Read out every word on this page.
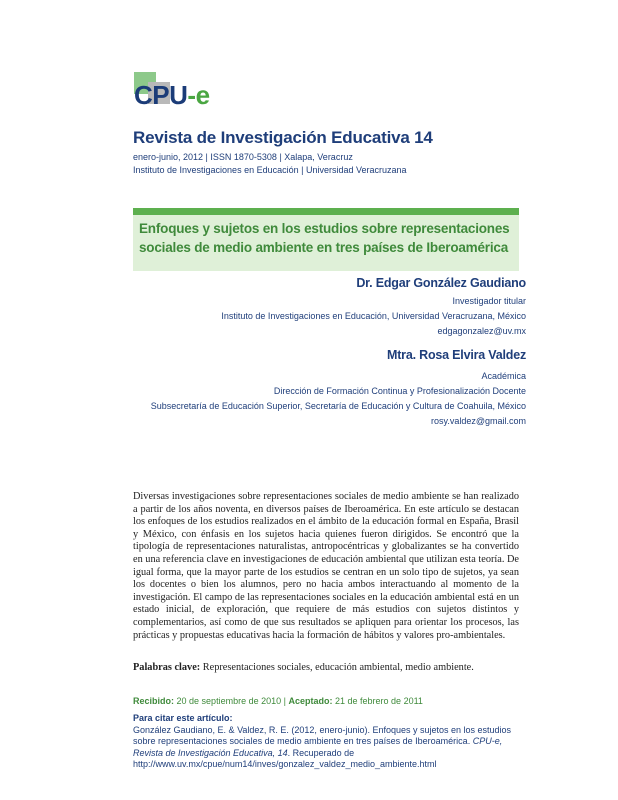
CPU-e
Revista de Investigación Educativa 14
enero-junio, 2012 | ISSN 1870-5308 | Xalapa, Veracruz
Instituto de Investigaciones en Educación | Universidad Veracruzana
Enfoques y sujetos en los estudios sobre representaciones
sociales de medio ambiente en tres países de Iberoamérica
Dr. Edgar González Gaudiano
Investigador titular
Instituto de Investigaciones en Educación, Universidad Veracruzana, México
edgagonzalez@uv.mx
Mtra. Rosa Elvira Valdez
Académica
Dirección de Formación Continua y Profesionalización Docente
Subsecretaría de Educación Superior, Secretaría de Educación y Cultura de Coahuila, México
rosy.valdez@gmail.com
Diversas investigaciones sobre representaciones sociales de medio ambiente se han realizado a partir de los años noventa, en diversos países de Iberoamérica. En este artículo se destacan los enfoques de los estudios realizados en el ámbito de la educación formal en España, Brasil y México, con énfasis en los sujetos hacia quienes fueron dirigidos. Se encontró que la tipología de representaciones naturalistas, antropocéntricas y globalizantes se ha convertido en una referencia clave en investigaciones de educación ambiental que utilizan esta teoría. De igual forma, que la mayor parte de los estudios se centran en un solo tipo de sujetos, ya sean los docentes o bien los alumnos, pero no hacia ambos interactuando al momento de la investigación. El campo de las representaciones sociales en la educación ambiental está en un estado inicial, de exploración, que requiere de más estudios con sujetos distintos y complementarios, así como de que sus resultados se apliquen para orientar los procesos, las prácticas y propuestas educativas hacia la formación de hábitos y valores pro-ambientales.
Palabras clave: Representaciones sociales, educación ambiental, medio ambiente.
Recibido: 20 de septiembre de 2010 | Aceptado: 21 de febrero de 2011
Para citar este artículo:
González Gaudiano, E. & Valdez, R. E. (2012, enero-junio). Enfoques y sujetos en los estudios sobre representaciones sociales de medio ambiente en tres países de Iberoamérica. CPU-e, Revista de Investigación Educativa, 14. Recuperado de http://www.uv.mx/cpue/num14/inves/gonzalez_valdez_medio_ambiente.html
